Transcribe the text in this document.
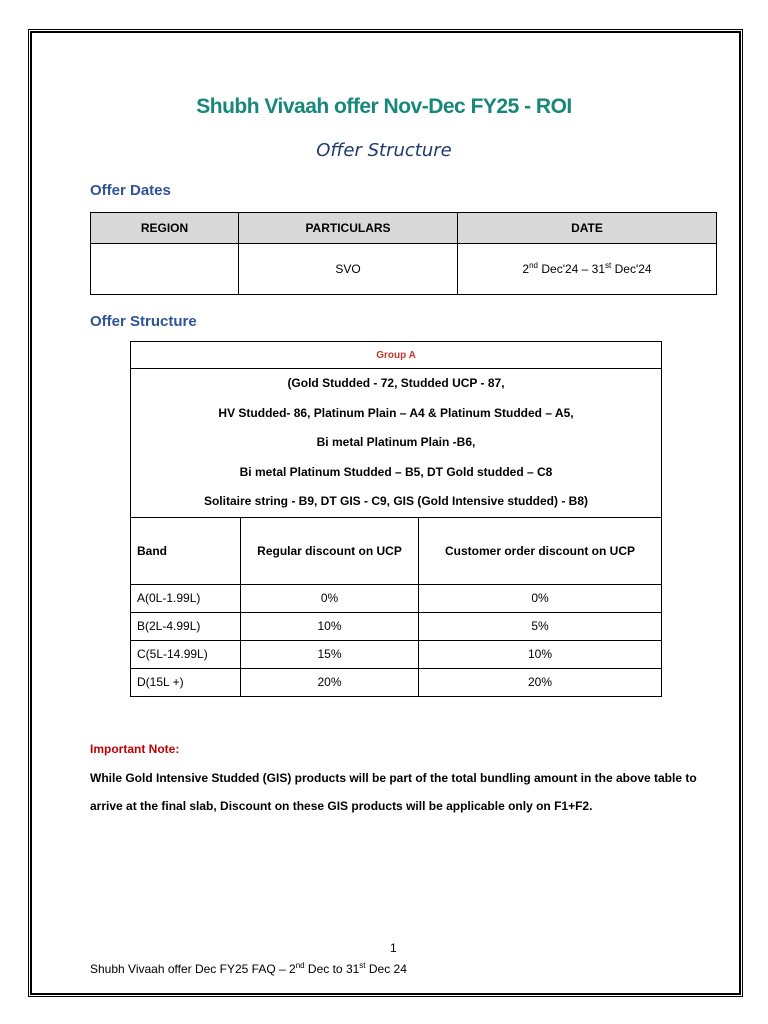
Shubh Vivaah offer Nov-Dec FY25 - ROI
Offer Structure
Offer Dates
REGION	PARTICULARS	DATE
	SVO	2nd Dec'24 – 31st Dec'24
Offer Structure
Group A		

(Gold Studded - 72, Studded UCP - 87,
HV Studded- 86, Platinum Plain – A4 & Platinum Studded – A5,
Bi metal Platinum Plain -B6,
Bi metal Platinum Studded – B5, DT Gold studded – C8
Solitaire string - B9, DT GIS - C9, GIS (Gold Intensive studded) - B8)		

Band	Regular discount on UCP	Customer order discount on UCP
A(0L-1.99L)	0%	0%
B(2L-4.99L)	10%	5%
C(5L-14.99L)	15%	10%
D(15L +)	20%	20%
Important Note:
While Gold Intensive Studded (GIS) products will be part of the total bundling amount in the above table to arrive at the final slab, Discount on these GIS products will be applicable only on F1+F2.
1
Shubh Vivaah offer Dec FY25 FAQ – 2nd Dec to 31st Dec 24
